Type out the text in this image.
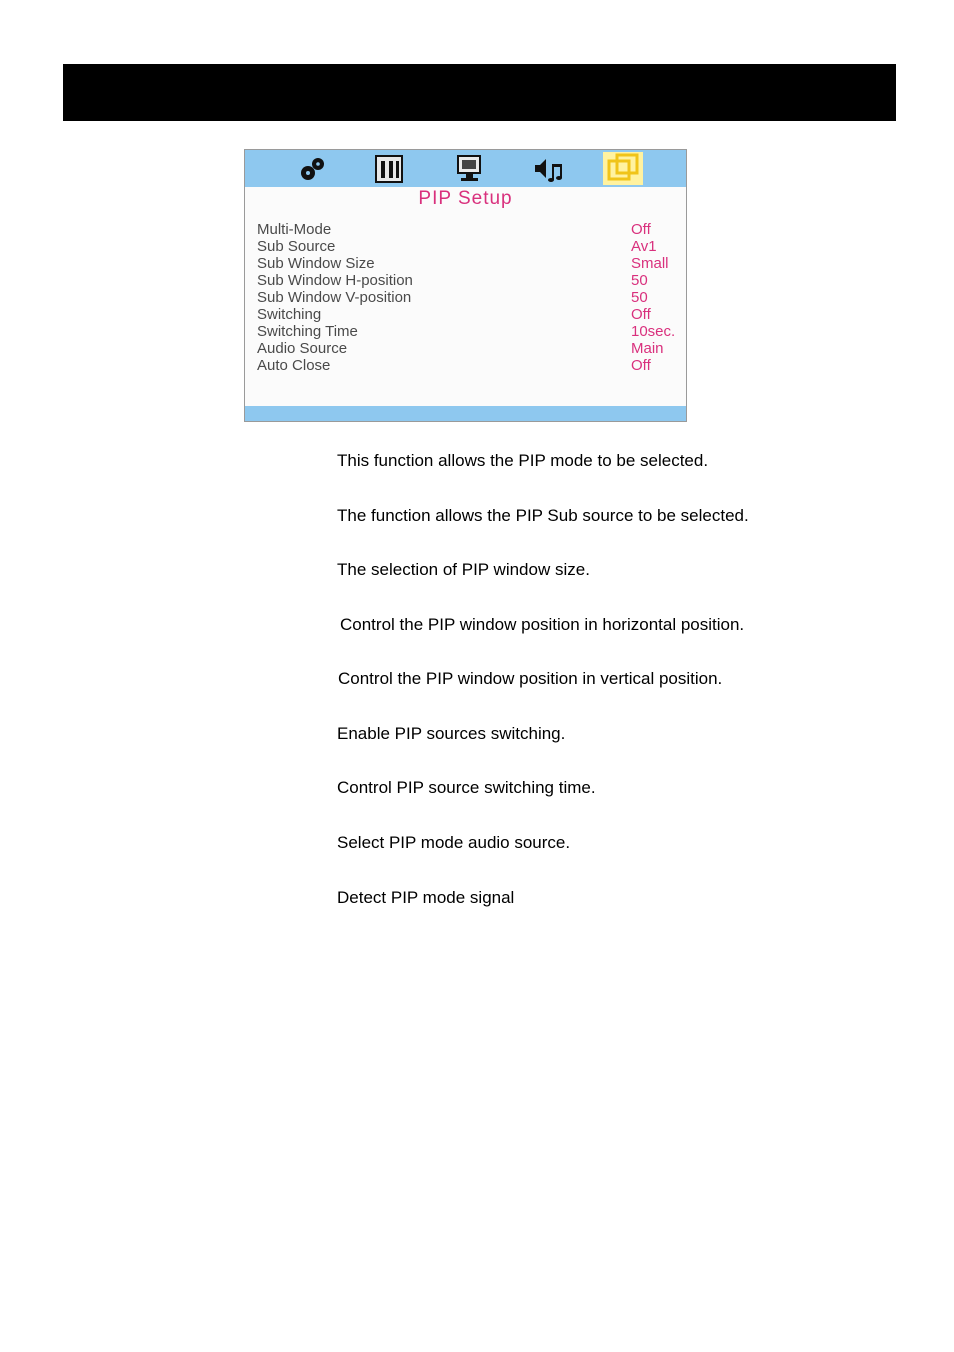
PIP Setup
Multi-Mode	Off
Sub Source	Av1
Sub Window Size	Small
Sub Window H-position	50
Sub Window V-position	50
Switching	Off
Switching Time	10sec.
Audio Source	Main
Auto Close	Off
This function allows the PIP mode to be selected.
The function allows the PIP Sub source to be selected.
The selection of PIP window size.
Control the PIP window position in horizontal position.
Control the PIP window position in vertical position.
Enable PIP sources switching.
Control PIP source switching time.
Select PIP mode audio source.
Detect PIP mode signal
